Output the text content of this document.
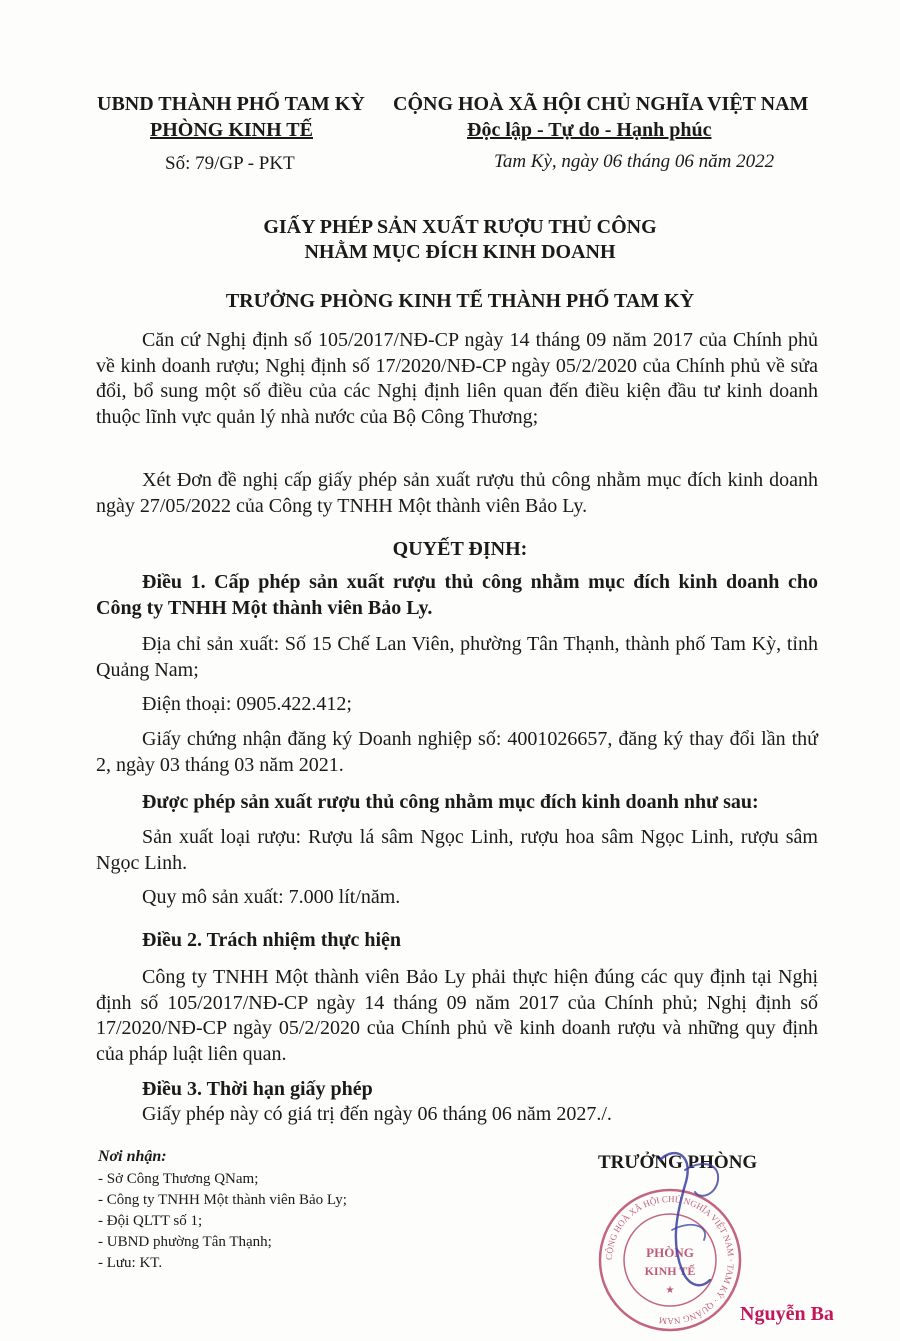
UBND THÀNH PHỐ TAM KỲ
PHÒNG KINH TẾ
Số: 79/GP - PKT
CỘNG HOÀ XÃ HỘI CHỦ NGHĨA VIỆT NAM
Độc lập - Tự do - Hạnh phúc
Tam Kỳ, ngày 06 tháng 06 năm 2022
GIẤY PHÉP SẢN XUẤT RƯỢU THỦ CÔNG
NHẰM MỤC ĐÍCH KINH DOANH
TRƯỞNG PHÒNG KINH TẾ THÀNH PHỐ TAM KỲ
Căn cứ Nghị định số 105/2017/NĐ-CP ngày 14 tháng 09 năm 2017 của Chính phủ về kinh doanh rượu; Nghị định số 17/2020/NĐ-CP ngày 05/2/2020 của Chính phủ về sửa đổi, bổ sung một số điều của các Nghị định liên quan đến điều kiện đầu tư kinh doanh thuộc lĩnh vực quản lý nhà nước của Bộ Công Thương;
Xét Đơn đề nghị cấp giấy phép sản xuất rượu thủ công nhằm mục đích kinh doanh ngày 27/05/2022 của Công ty TNHH Một thành viên Bảo Ly.
QUYẾT ĐỊNH:
Điều 1. Cấp phép sản xuất rượu thủ công nhằm mục đích kinh doanh cho Công ty TNHH Một thành viên Bảo Ly.
Địa chỉ sản xuất: Số 15 Chế Lan Viên, phường Tân Thạnh, thành phố Tam Kỳ, tỉnh Quảng Nam;
Điện thoại: 0905.422.412;
Giấy chứng nhận đăng ký Doanh nghiệp số: 4001026657, đăng ký thay đổi lần thứ 2, ngày 03 tháng 03 năm 2021.
Được phép sản xuất rượu thủ công nhằm mục đích kinh doanh như sau:
Sản xuất loại rượu: Rượu lá sâm Ngọc Linh, rượu hoa sâm Ngọc Linh, rượu sâm Ngọc Linh.
Quy mô sản xuất: 7.000 lít/năm.
Điều 2. Trách nhiệm thực hiện
Công ty TNHH Một thành viên Bảo Ly phải thực hiện đúng các quy định tại Nghị định số 105/2017/NĐ-CP ngày 14 tháng 09 năm 2017 của Chính phủ; Nghị định số 17/2020/NĐ-CP ngày 05/2/2020 của Chính phủ về kinh doanh rượu và những quy định của pháp luật liên quan.
Điều 3. Thời hạn giấy phép
Giấy phép này có giá trị đến ngày 06 tháng 06 năm 2027./.
Nơi nhận:
- Sở Công Thương QNam;
- Công ty TNHH Một thành viên Bảo Ly;
- Đội QLTT số 1;
- UBND phường Tân Thạnh;
- Lưu: KT.
TRƯỞNG PHÒNG
CỘNG HOÀ XÃ HỘI CHỦ NGHĨA VIỆT NAM · TAM KỲ · QUẢNG NAM
PHÒNG
KINH TẾ
★
Nguyễn Ba
